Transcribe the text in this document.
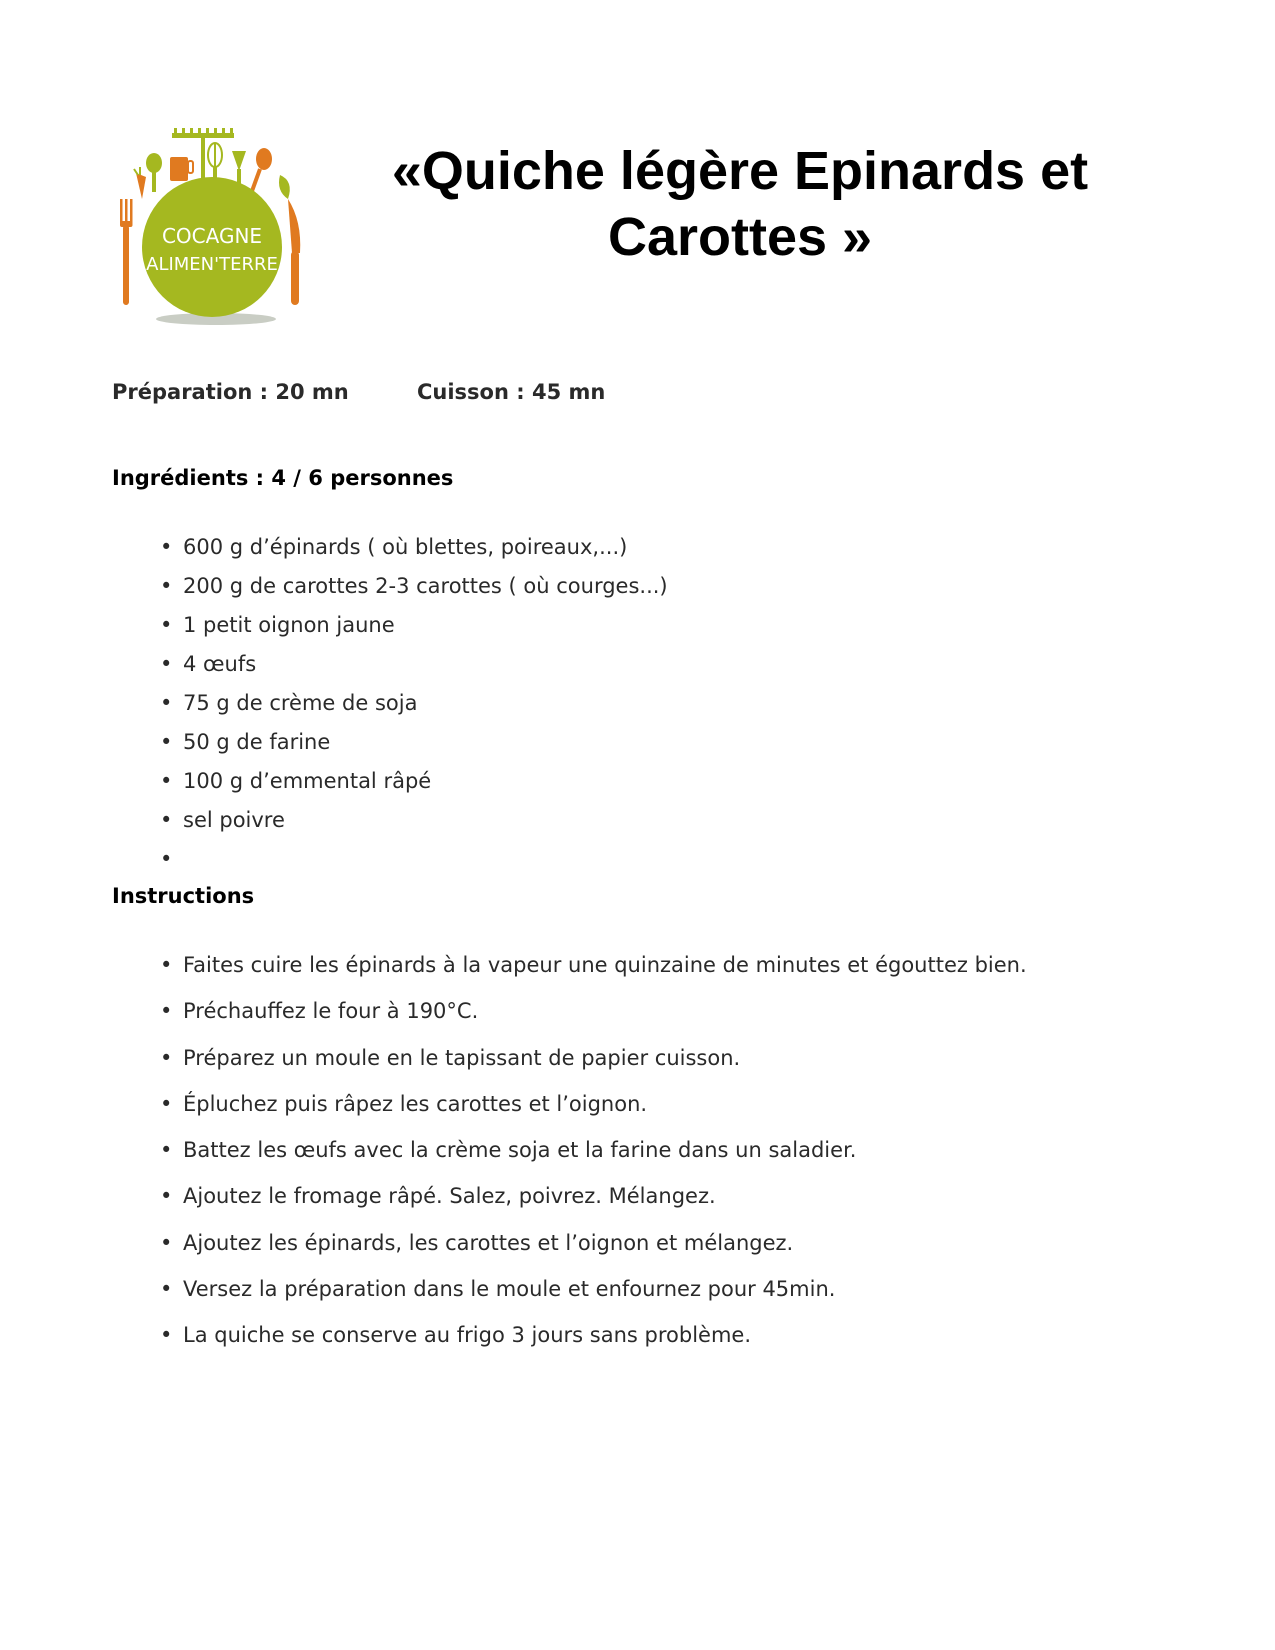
COCAGNE
ALIMEN'TERRE
«Quiche légère Epinards et
Carottes »
Préparation : 20 mn	Cuisson : 45 mn
Ingrédients : 4 / 6 personnes
• 600 g d’épinards ( où blettes, poireaux,...)
• 200 g de carottes 2-3 carottes ( où courges...)
• 1 petit oignon jaune
• 4 œufs
• 75 g de crème de soja
• 50 g de farine
• 100 g d’emmental râpé
• sel poivre
•
Instructions
• Faites cuire les épinards à la vapeur une quinzaine de minutes et égouttez bien.
• Préchauffez le four à 190°C.
• Préparez un moule en le tapissant de papier cuisson.
• Épluchez puis râpez les carottes et l’oignon.
• Battez les œufs avec la crème soja et la farine dans un saladier.
• Ajoutez le fromage râpé. Salez, poivrez. Mélangez.
• Ajoutez les épinards, les carottes et l’oignon et mélangez.
• Versez la préparation dans le moule et enfournez pour 45min.
• La quiche se conserve au frigo 3 jours sans problème.
